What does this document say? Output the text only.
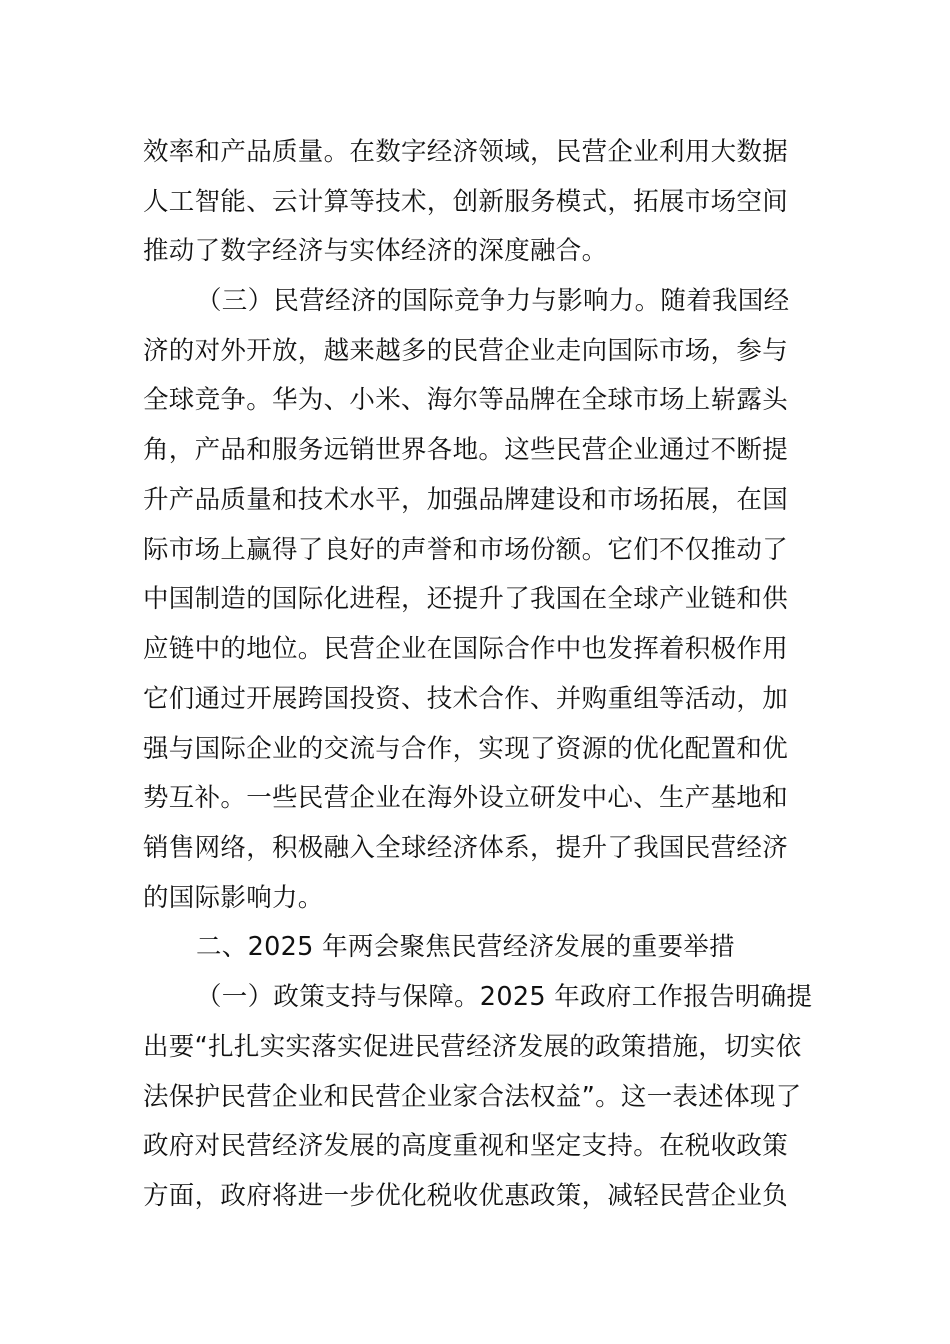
效率和产品质量。在数字经济领域，民营企业利用大数据
人工智能、云计算等技术，创新服务模式，拓展市场空间
推动了数字经济与实体经济的深度融合。
（三）民营经济的国际竞争力与影响力。随着我国经
济的对外开放，越来越多的民营企业走向国际市场，参与
全球竞争。华为、小米、海尔等品牌在全球市场上崭露头
角，产品和服务远销世界各地。这些民营企业通过不断提
升产品质量和技术水平，加强品牌建设和市场拓展，在国
际市场上赢得了良好的声誉和市场份额。它们不仅推动了
中国制造的国际化进程，还提升了我国在全球产业链和供
应链中的地位。民营企业在国际合作中也发挥着积极作用
它们通过开展跨国投资、技术合作、并购重组等活动，加
强与国际企业的交流与合作，实现了资源的优化配置和优
势互补。一些民营企业在海外设立研发中心、生产基地和
销售网络，积极融入全球经济体系，提升了我国民营经济
的国际影响力。
二、2025 年两会聚焦民营经济发展的重要举措
（一）政策支持与保障。2025 年政府工作报告明确提
出要“扎扎实实落实促进民营经济发展的政策措施，切实依
法保护民营企业和民营企业家合法权益”。这一表述体现了
政府对民营经济发展的高度重视和坚定支持。在税收政策
方面，政府将进一步优化税收优惠政策，减轻民营企业负
